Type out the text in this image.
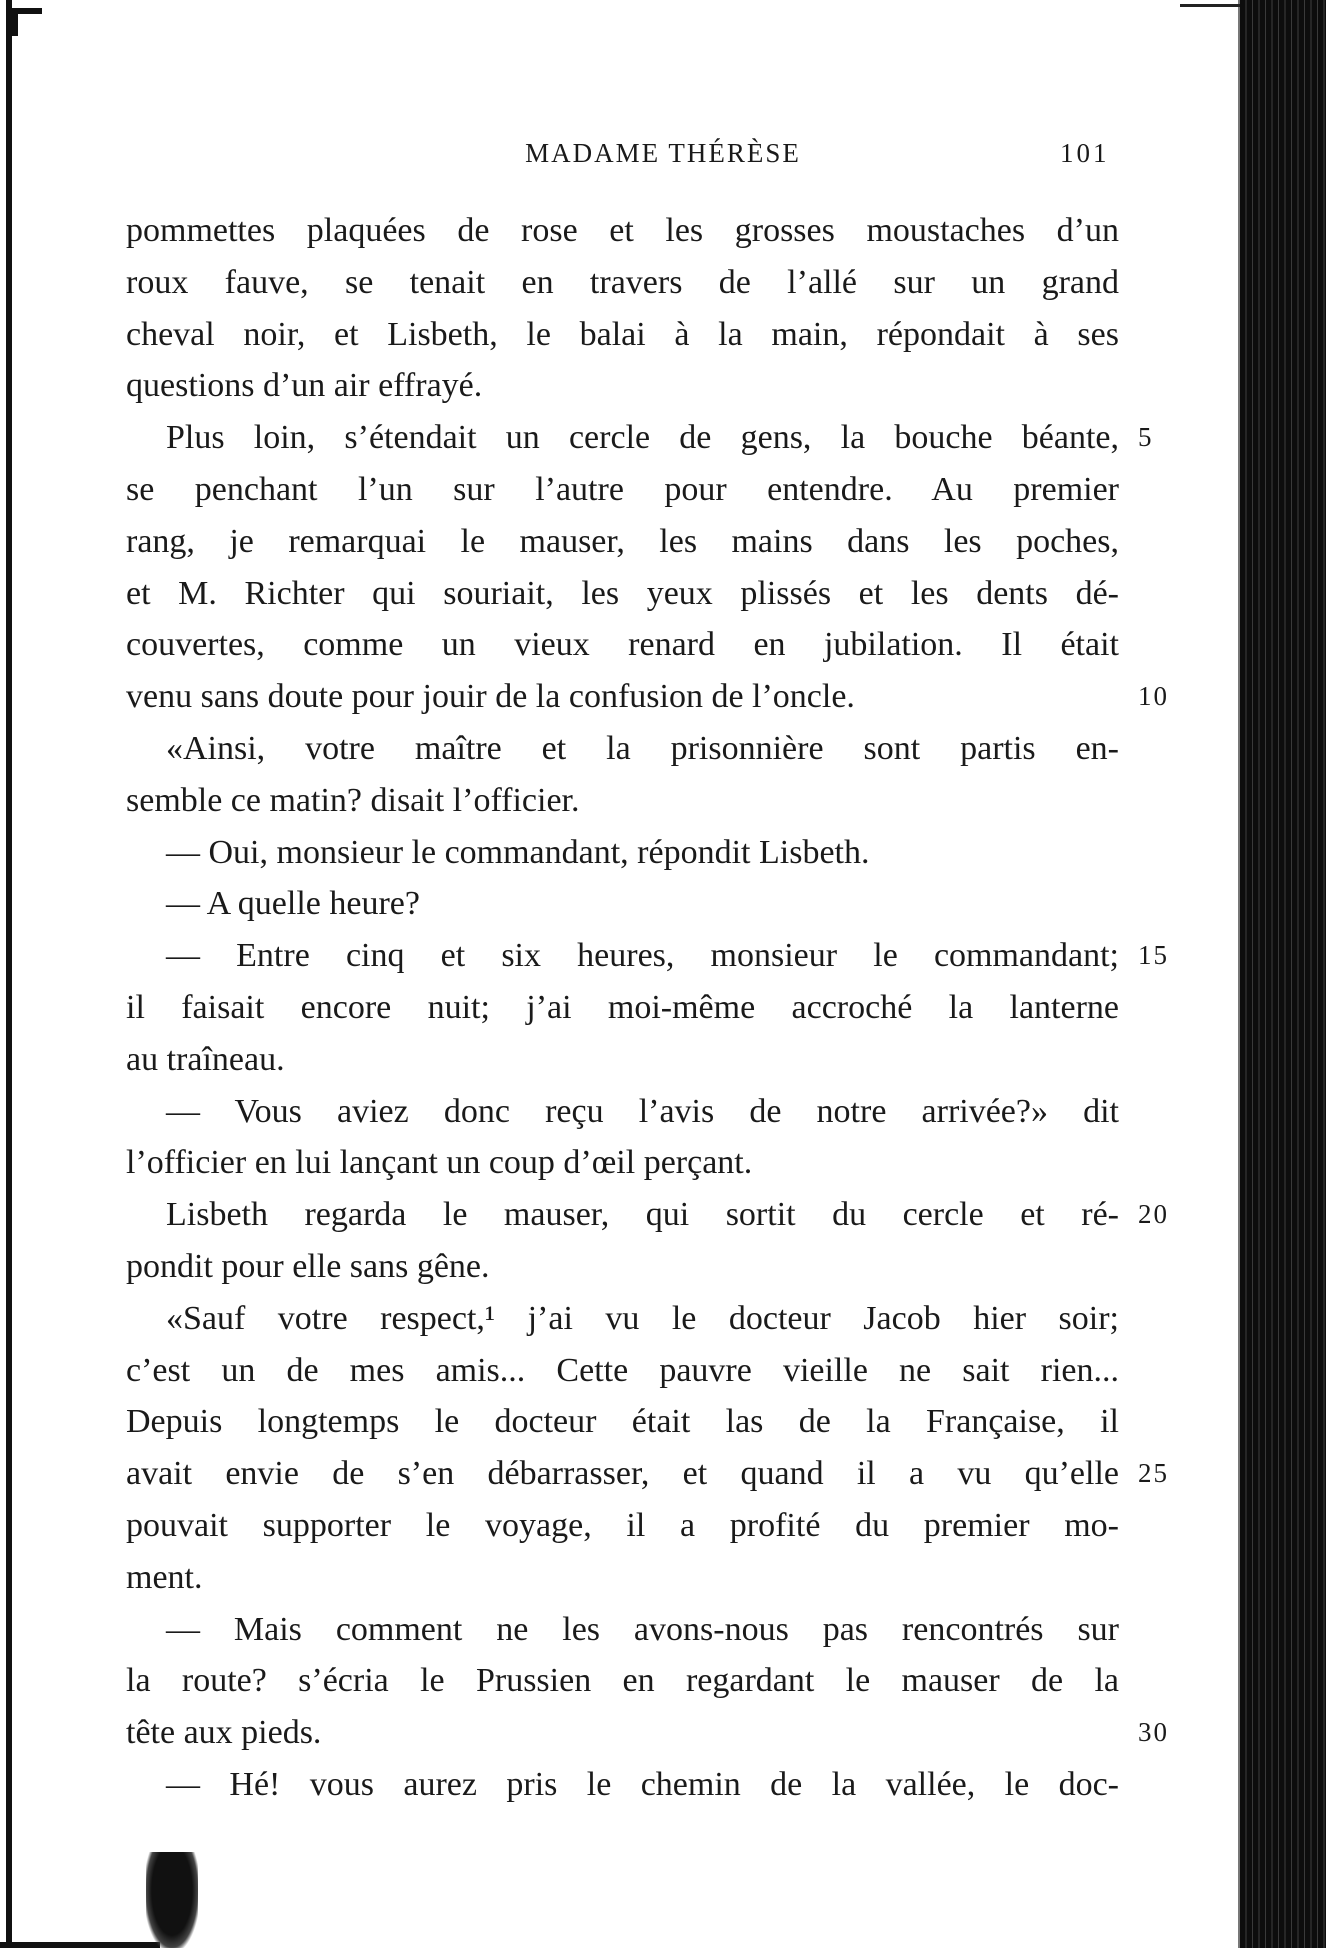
MADAME THÉRÈSE	101
pommettes plaquées de rose et les grosses moustaches d’un
roux fauve, se tenait en travers de l’allé sur un grand
cheval noir, et Lisbeth, le balai à la main, répondait à ses
questions d’un air effrayé.
Plus loin, s’étendait un cercle de gens, la bouche béante, 5
se penchant l’un sur l’autre pour entendre. Au premier
rang, je remarquai le mauser, les mains dans les poches,
et M. Richter qui souriait, les yeux plissés et les dents dé-
couvertes, comme un vieux renard en jubilation. Il était
venu sans doute pour jouir de la confusion de l’oncle.	10
«Ainsi, votre maître et la prisonnière sont partis en-
semble ce matin? disait l’officier.
— Oui, monsieur le commandant, répondit Lisbeth.
— A quelle heure?
— Entre cinq et six heures, monsieur le commandant; 15
il faisait encore nuit; j’ai moi-même accroché la lanterne
au traîneau.
— Vous aviez donc reçu l’avis de notre arrivée?» dit
l’officier en lui lançant un coup d’œil perçant.
Lisbeth regarda le mauser, qui sortit du cercle et ré- 20
pondit pour elle sans gêne.
«Sauf votre respect,¹ j’ai vu le docteur Jacob hier soir;
c’est un de mes amis... Cette pauvre vieille ne sait rien...
Depuis longtemps le docteur était las de la Française, il
avait envie de s’en débarrasser, et quand il a vu qu’elle 25
pouvait supporter le voyage, il a profité du premier mo-
ment.
— Mais comment ne les avons-nous pas rencontrés sur
la route? s’écria le Prussien en regardant le mauser de la
tête aux pieds.	30
— Hé! vous aurez pris le chemin de la vallée, le doc-
